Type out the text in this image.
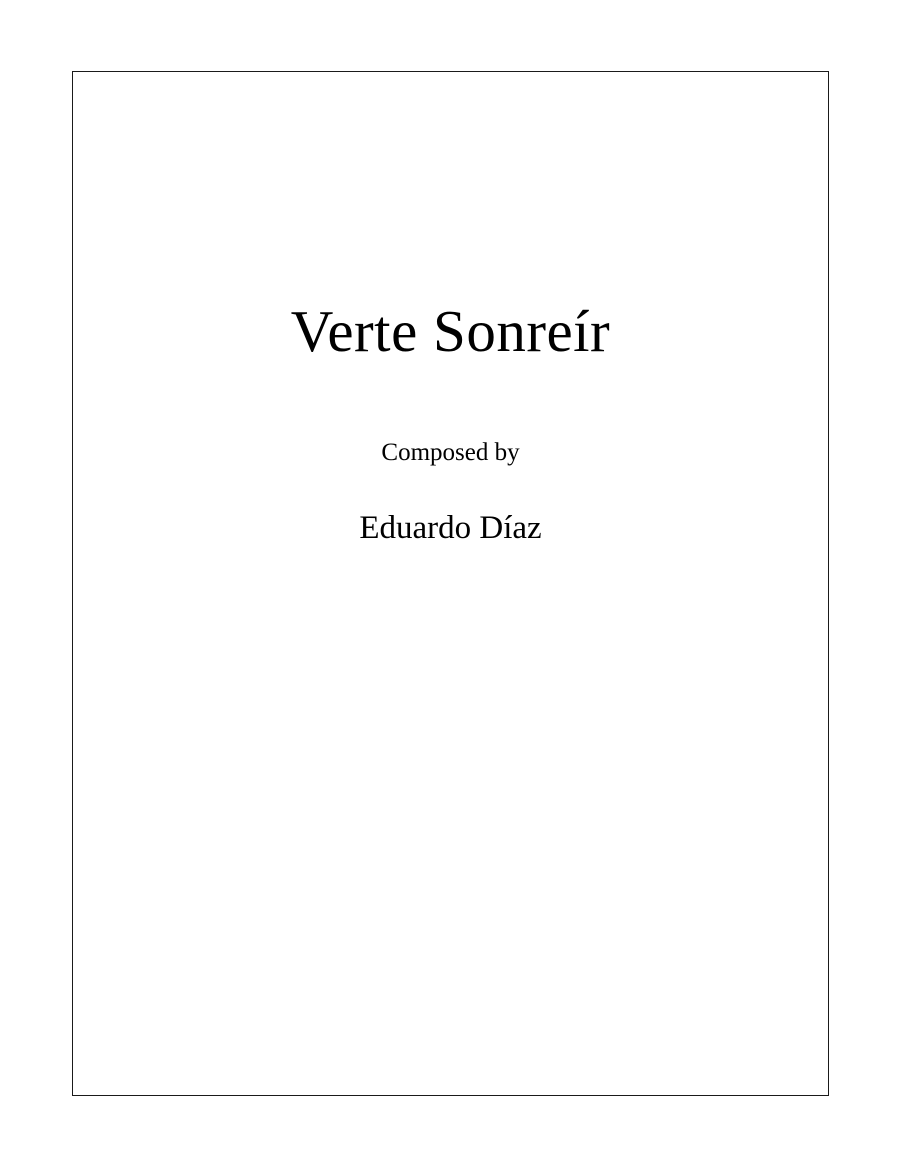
Verte Sonreír
Composed by
Eduardo Díaz
